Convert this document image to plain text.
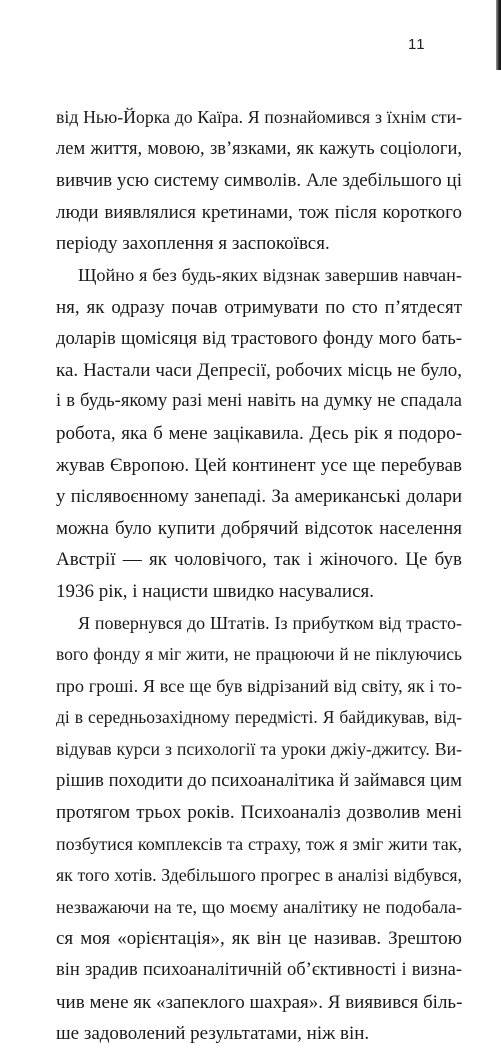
11
від Нью-Йорка до Каїра. Я познайомився з їхнім сти-
лем життя, мовою, зв’язками, як кажуть соціологи,
вивчив усю систему символів. Але здебільшого ці
люди виявлялися кретинами, тож після короткого
періоду захоплення я заспокоївся.
Щойно я без будь-яких відзнак завершив навчан-
ня, як одразу почав отримувати по сто п’ятдесят
доларів щомісяця від трастового фонду мого бать-
ка. Настали часи Депресії, робочих місць не було,
і в будь-якому разі мені навіть на думку не спадала
робота, яка б мене зацікавила. Десь рік я подоро-
жував Європою. Цей континент усе ще перебував
у післявоєнному занепаді. За американські долари
можна було купити добрячий відсоток населення
Австрії — як чоловічого, так і жіночого. Це був
1936 рік, і нацисти швидко насувалися.
Я повернувся до Штатів. Із прибутком від трасто-
вого фонду я міг жити, не працюючи й не піклуючись
про гроші. Я все ще був відрізаний від світу, як і то-
ді в середньозахідному передмісті. Я байдикував, від-
відував курси з психології та уроки джіу-джитсу. Ви-
рішив походити до психоаналітика й займався цим
протягом трьох років. Психоаналіз дозволив мені
позбутися комплексів та страху, тож я зміг жити так,
як того хотів. Здебільшого прогрес в аналізі відбувся,
незважаючи на те, що моєму аналітику не подобала-
ся моя «орієнтація», як він це називав. Зрештою
він зрадив психоаналітичній об’єктивності і визна-
чив мене як «запеклого шахрая». Я виявився біль-
ше задоволений результатами, ніж він.
